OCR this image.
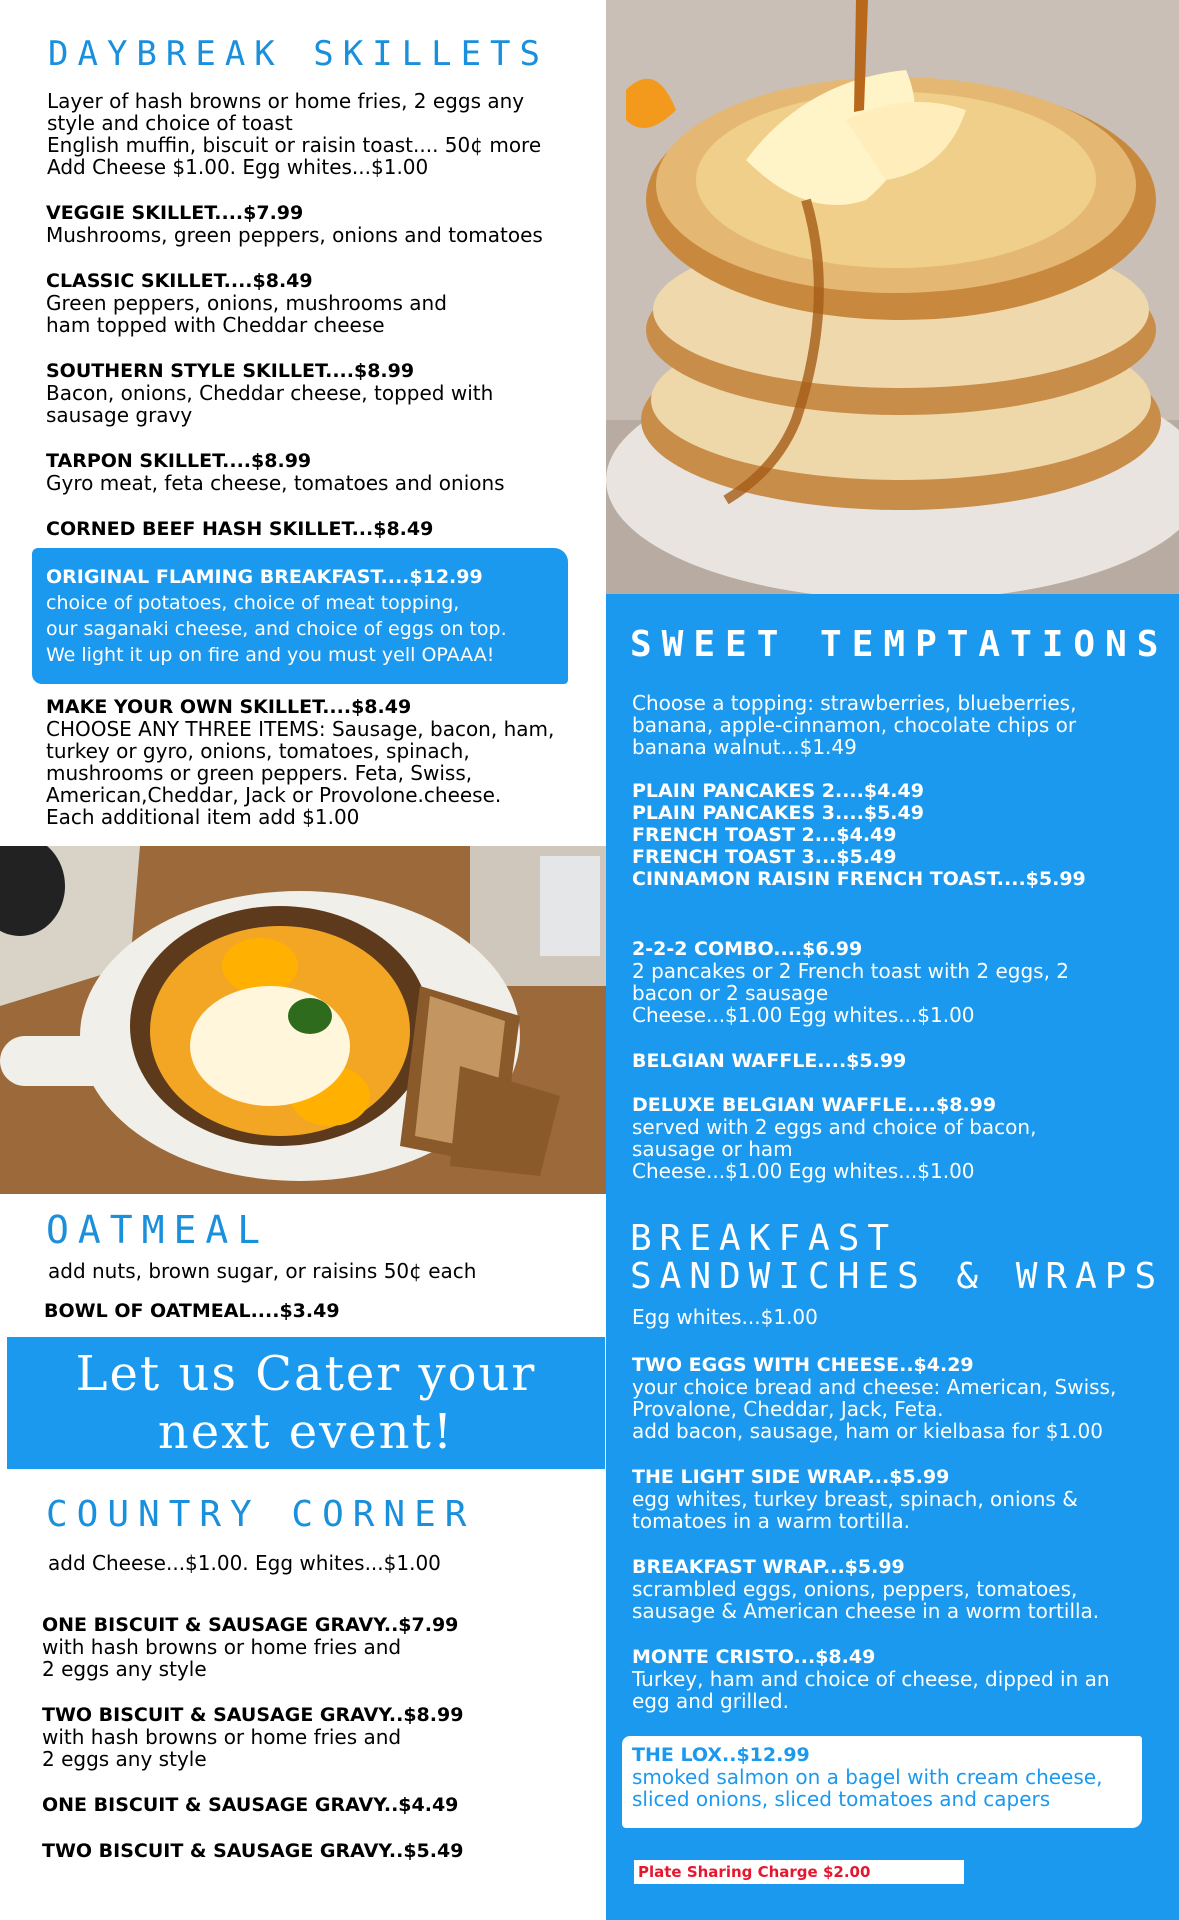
DAYBREAK SKILLETS
Layer of hash browns or home fries, 2 eggs any
style and choice of toast
English muffin, biscuit or raisin toast.... 50¢ more
Add Cheese $1.00. Egg whites...$1.00
VEGGIE SKILLET....$7.99
Mushrooms, green peppers, onions and tomatoes
CLASSIC SKILLET....$8.49
Green peppers, onions, mushrooms and
ham topped with Cheddar cheese
SOUTHERN STYLE SKILLET....$8.99
Bacon, onions, Cheddar cheese, topped with
sausage gravy
TARPON SKILLET....$8.99
Gyro meat, feta cheese, tomatoes and onions
CORNED BEEF HASH SKILLET...$8.49
ORIGINAL FLAMING BREAKFAST....$12.99
choice of potatoes, choice of meat topping,
our saganaki cheese, and choice of eggs on top.
We light it up on fire and you must yell OPAAA!
MAKE YOUR OWN SKILLET....$8.49
CHOOSE ANY THREE ITEMS: Sausage, bacon, ham,
turkey or gyro, onions, tomatoes, spinach,
mushrooms or green peppers. Feta, Swiss,
American,Cheddar, Jack or Provolone.cheese.
Each additional item add $1.00
OATMEAL
add nuts, brown sugar, or raisins 50¢ each
BOWL OF OATMEAL....$3.49
Let us Cater your
next event!
COUNTRY CORNER
add Cheese...$1.00. Egg whites...$1.00
ONE BISCUIT & SAUSAGE GRAVY..$7.99
with hash browns or home fries and
2 eggs any style
TWO BISCUIT & SAUSAGE GRAVY..$8.99
with hash browns or home fries and
2 eggs any style
ONE BISCUIT & SAUSAGE GRAVY..$4.49
TWO BISCUIT & SAUSAGE GRAVY..$5.49
SWEET TEMPTATIONS
Choose a topping: strawberries, blueberries,
banana, apple-cinnamon, chocolate chips or
banana walnut...$1.49
PLAIN PANCAKES 2....$4.49
PLAIN PANCAKES 3....$5.49
FRENCH TOAST 2...$4.49
FRENCH TOAST 3...$5.49
CINNAMON RAISIN FRENCH TOAST....$5.99
2-2-2 COMBO....$6.99
2 pancakes or 2 French toast with 2 eggs, 2
bacon or 2 sausage
Cheese...$1.00 Egg whites...$1.00
BELGIAN WAFFLE....$5.99
DELUXE BELGIAN WAFFLE....$8.99
served with 2 eggs and choice of bacon,
sausage or ham
Cheese...$1.00 Egg whites...$1.00
BREAKFAST
SANDWICHES & WRAPS
Egg whites...$1.00
TWO EGGS WITH CHEESE..$4.29
your choice bread and cheese: American, Swiss,
Provalone, Cheddar, Jack, Feta.
add bacon, sausage, ham or kielbasa for $1.00
THE LIGHT SIDE WRAP...$5.99
egg whites, turkey breast, spinach, onions &
tomatoes in a warm tortilla.
BREAKFAST WRAP...$5.99
scrambled eggs, onions, peppers, tomatoes,
sausage & American cheese in a worm tortilla.
MONTE CRISTO...$8.49
Turkey, ham and choice of cheese, dipped in an
egg and grilled.
THE LOX..$12.99
smoked salmon on a bagel with cream cheese,
sliced onions, sliced tomatoes and capers
Plate Sharing Charge $2.00
